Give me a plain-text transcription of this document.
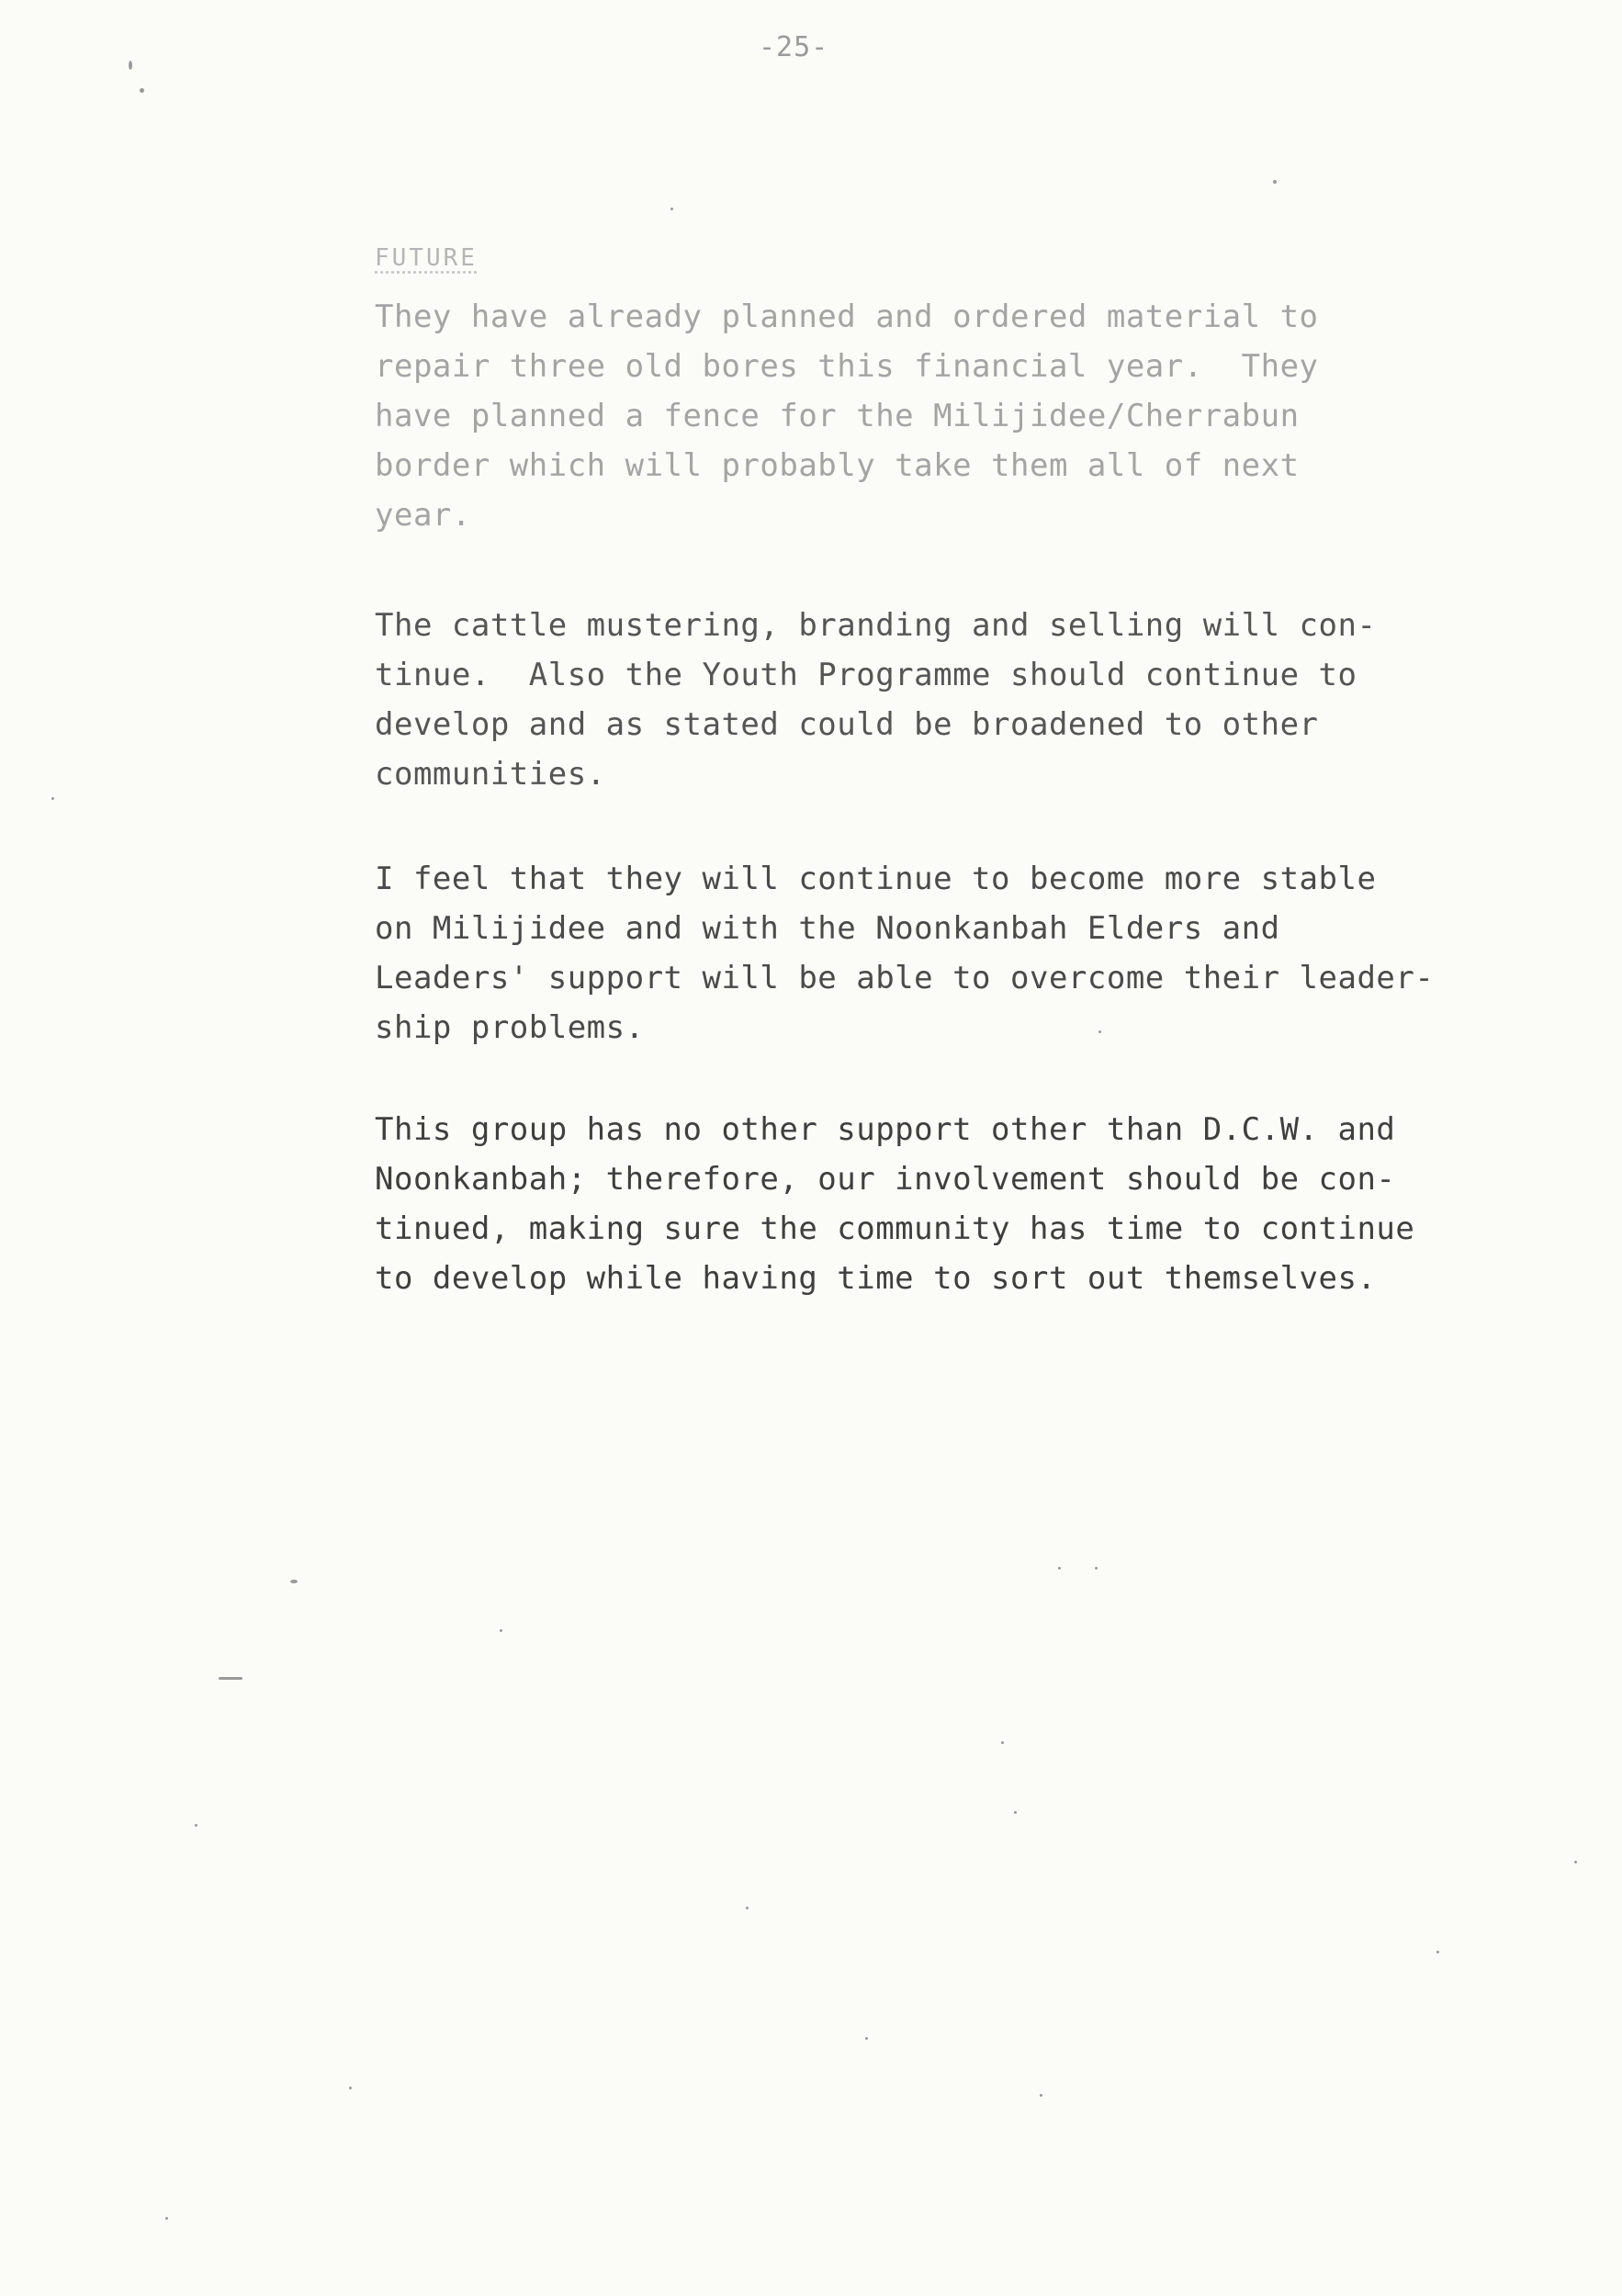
-25-
FUTURE
They have already planned and ordered material to
repair three old bores this financial year.  They
have planned a fence for the Milijidee/Cherrabun
border which will probably take them all of next
year.
The cattle mustering, branding and selling will con-
tinue.  Also the Youth Programme should continue to
develop and as stated could be broadened to other
communities.
I feel that they will continue to become more stable
on Milijidee and with the Noonkanbah Elders and
Leaders' support will be able to overcome their leader-
ship problems.
This group has no other support other than D.C.W. and
Noonkanbah; therefore, our involvement should be con-
tinued, making sure the community has time to continue
to develop while having time to sort out themselves.
